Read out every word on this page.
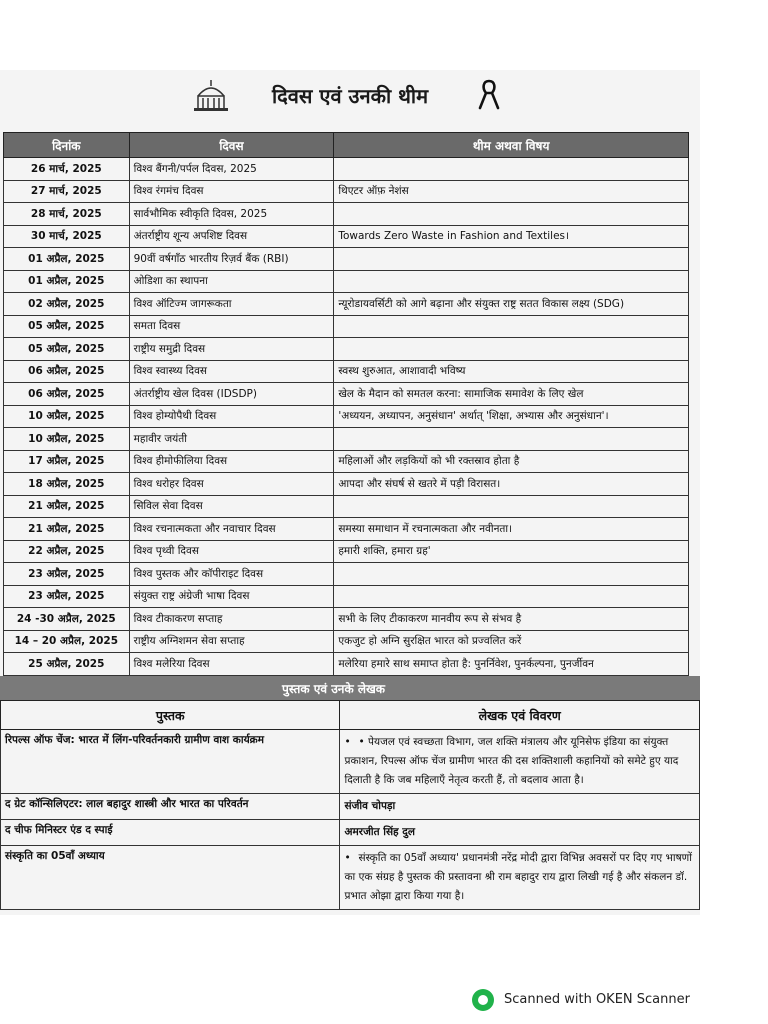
दिवस एवं उनकी थीम
दिनांक	दिवस	थीम अथवा विषय
26 मार्च, 2025	विश्व बैंगनी/पर्पल दिवस, 2025	
27 मार्च, 2025	विश्व रंगमंच दिवस	थिएटर ऑफ़ नेशंस
28 मार्च, 2025	सार्वभौमिक स्वीकृति दिवस, 2025	
30 मार्च, 2025	अंतर्राष्ट्रीय शून्य अपशिष्ट दिवस	Towards Zero Waste in Fashion and Textiles।
01 अप्रैल, 2025	90वीं वर्षगाँठ भारतीय रिज़र्व बैंक (RBI)	
01 अप्रैल, 2025	ओडिशा का स्थापना	
02 अप्रैल, 2025	विश्व ऑटिज्म जागरूकता	न्यूरोडायवर्सिटी को आगे बढ़ाना और संयुक्त राष्ट्र सतत विकास लक्ष्य (SDG)
05 अप्रैल, 2025	समता दिवस	
05 अप्रैल, 2025	राष्ट्रीय समुद्री दिवस	
06 अप्रैल, 2025	विश्व स्वास्थ्य दिवस	स्वस्थ शुरुआत, आशावादी भविष्य
06 अप्रैल, 2025	अंतर्राष्ट्रीय खेल दिवस (IDSDP)	खेल के मैदान को समतल करना: सामाजिक समावेश के लिए खेल
10 अप्रैल, 2025	विश्व होम्योपैथी दिवस	'अध्ययन, अध्यापन, अनुसंधान' अर्थात् 'शिक्षा, अभ्यास और अनुसंधान'।
10 अप्रैल, 2025	महावीर जयंती	
17 अप्रैल, 2025	विश्व हीमोफीलिया दिवस	महिलाओं और लड़कियों को भी रक्तस्राव होता है
18 अप्रैल, 2025	विश्व धरोहर दिवस	आपदा और संघर्ष से खतरे में पड़ी विरासत।
21 अप्रैल, 2025	सिविल सेवा दिवस	
21 अप्रैल, 2025	विश्व रचनात्मकता और नवाचार दिवस	समस्या समाधान में रचनात्मकता और नवीनता।
22 अप्रैल, 2025	विश्व पृथ्वी दिवस	हमारी शक्ति, हमारा ग्रह'
23 अप्रैल, 2025	विश्व पुस्तक और कॉपीराइट दिवस	
23 अप्रैल, 2025	संयुक्त राष्ट्र अंग्रेजी भाषा दिवस	
24 -30 अप्रैल, 2025	विश्व टीकाकरण सप्ताह	सभी के लिए टीकाकरण मानवीय रूप से संभव है
14 – 20 अप्रैल, 2025	राष्ट्रीय अग्निशमन सेवा सप्ताह	एकजुट हो अग्नि सुरक्षित भारत को प्रज्वलित करें
25 अप्रैल, 2025	विश्व मलेरिया दिवस	मलेरिया हमारे साथ समाप्त होता है: पुनर्निवेश, पुनर्कल्पना, पुनर्जीवन
पुस्तक एवं उनके लेखक
पुस्तक	लेखक एवं विवरण
रिपल्स ऑफ चेंज: भारत में लिंग-परिवर्तनकारी ग्रामीण वाश कार्यक्रम	• • पेयजल एवं स्वच्छता विभाग, जल शक्ति मंत्रालय और यूनिसेफ इंडिया का संयुक्त प्रकाशन, रिपल्स ऑफ चेंज ग्रामीण भारत की दस शक्तिशाली कहानियों को समेटे हुए याद दिलाती है कि जब महिलाएँ नेतृत्व करती हैं, तो बदलाव आता है।
द ग्रेट कॉन्सिलिएटर: लाल बहादुर शास्त्री और भारत का परिवर्तन	संजीव चोपड़ा
द चीफ मिनिस्टर एंड द स्पाई	अमरजीत सिंह दुल
संस्कृति का 05वाँ अध्याय	• संस्कृति का 05वाँ अध्याय' प्रधानमंत्री नरेंद्र मोदी द्वारा विभिन्न अवसरों पर दिए गए भाषणों का एक संग्रह है पुस्तक की प्रस्तावना श्री राम बहादुर राय द्वारा लिखी गई है और संकलन डॉ. प्रभात ओझा द्वारा किया गया है।
Scanned with OKEN Scanner
